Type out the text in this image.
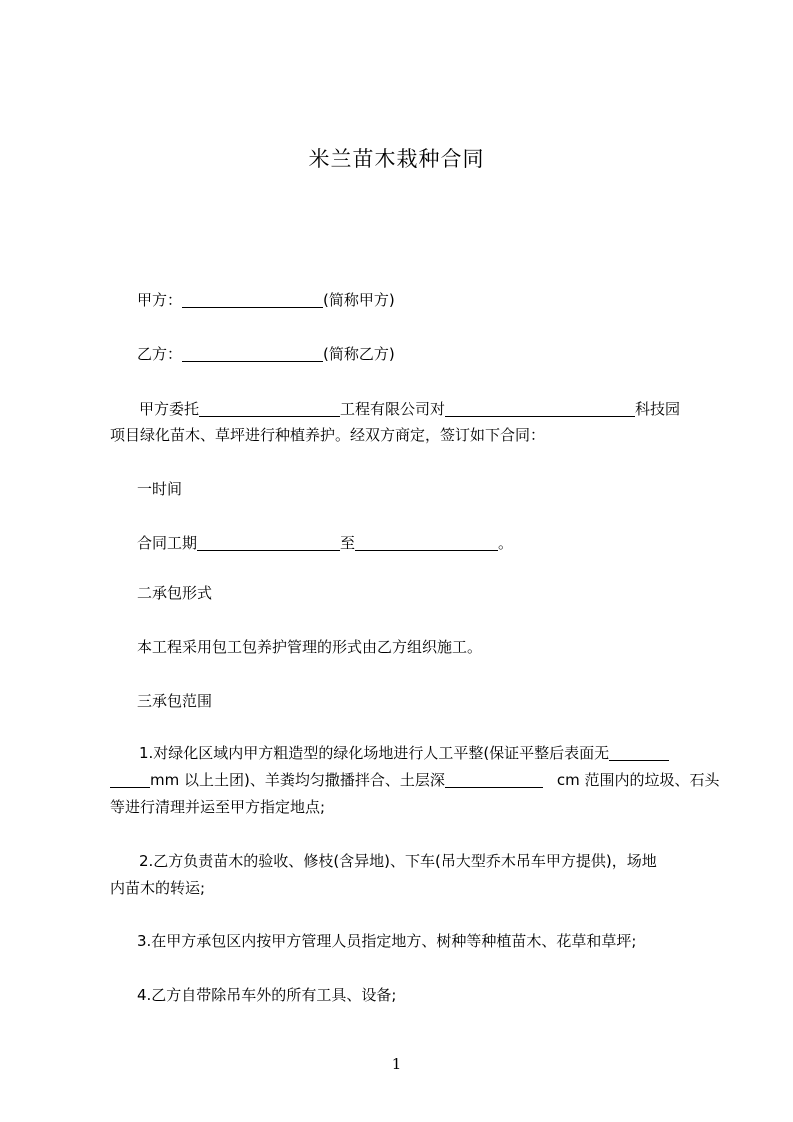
米兰苗木栽种合同
甲方：	(简称甲方)
乙方：	(简称乙方)
甲方委托	工程有限公司对	科技园
项目绿化苗木、草坪进行种植养护。经双方商定，签订如下合同：
一时间
合同工期	至	。
二承包形式
本工程采用包工包养护管理的形式由乙方组织施工。
三承包范围
1.对绿化区域内甲方粗造型的绿化场地进行人工平整(保证平整后表面无
mm 以上土团)、羊粪均匀撒播拌合、土层深	cm 范围内的垃圾、石头
等进行清理并运至甲方指定地点;
2.乙方负责苗木的验收、修枝(含异地)、下车(吊大型乔木吊车甲方提供)，场地
内苗木的转运;
3.在甲方承包区内按甲方管理人员指定地方、树种等种植苗木、花草和草坪;
4.乙方自带除吊车外的所有工具、设备;
1
